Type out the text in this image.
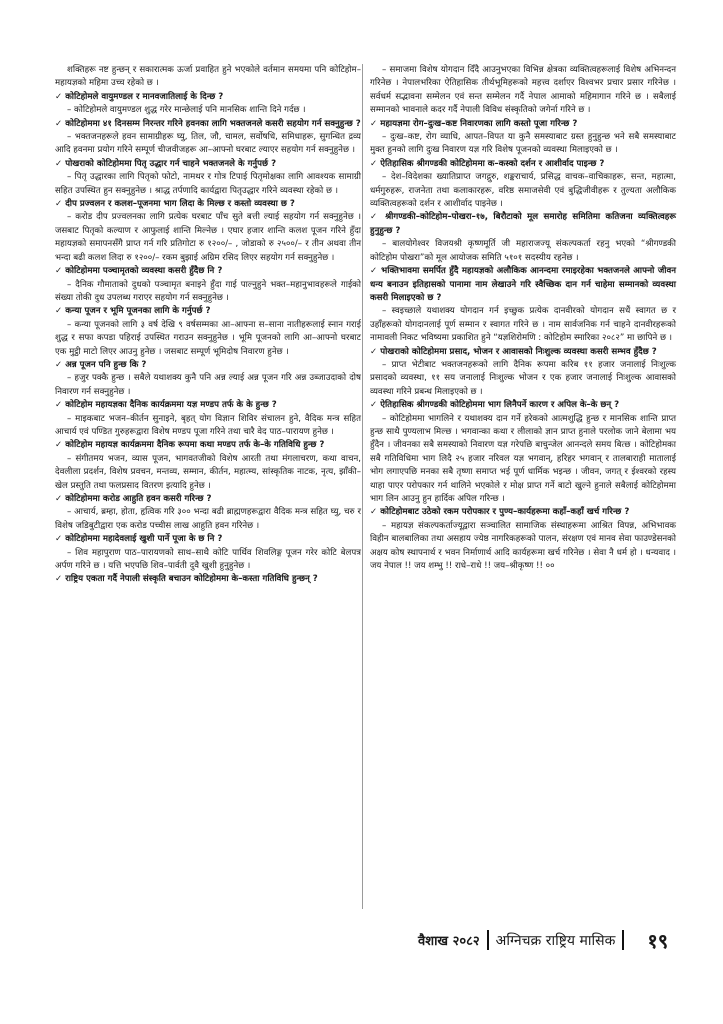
शक्तिहरू नष्ट हुन्छन् र सकारात्मक ऊर्जा प्रवाहित हुने भएकोले वर्तमान समयमा पनि कोटिहोम–महायज्ञको महिमा उच्च रहेको छ ।

✓ कोटिहोमले वायुमण्डल र मानवजातिलाई के दिन्छ ?

– कोटिहोमले वायुमण्डल शुद्ध गरेर मान्छेलाई पनि मानसिक शान्ति दिने गर्दछ ।

✓ कोटिहोममा ४१ दिनसम्म निरन्तर गरिने हवनका लागि भक्तजनले कसरी सहयोग गर्न सक्नुहुन्छ ?

– भक्तजनहरूले हवन सामाग्रीहरू घ्यु, तिल, जौ, चामल, सर्वोषधि, समिधाहरू, सुगन्धित द्रव्य आदि हवनमा प्रयोग गरिने सम्पूर्ण चीजवीजहरू आ–आफ्नो घरबाट ल्याएर सहयोग गर्न सक्नुहुनेछ ।

✓ पोखराको कोटिहोममा पितृ उद्धार गर्न चाहने भक्तजनले के गर्नुपर्छ ?

– पितृ उद्धारका लागि पितृको फोटो, नामथर र गोत्र टिपाई पितृमोक्षका लागि आवश्यक सामाग्री सहित उपस्थित हुन सक्नुहुनेछ । श्राद्ध तर्पणादि कार्यद्वारा पितृउद्धार गरिने व्यवस्था रहेको छ ।

✓ दीप प्रज्वलन र कलश–पूजनमा भाग लिदा के मिल्छ र कस्तो व्यवस्था छ ?

– करोड दीप प्रज्वलनका लागि प्रत्येक घरबाट पाँच सुते बत्ती ल्याई सहयोग गर्न सक्नुहुनेछ । जसबाट पितृको कल्याण र आफुलाई शान्ति मिल्नेछ । एघार हजार शान्ति कलश पूजन गरिने हुँदा महायज्ञको समापनसँगै प्राप्त गर्न गरि प्रतिगोटा रु १२००/– , जोडाको रु २५००/– र तीन अथवा तीन भन्दा बढी कलश लिदा रु १२००/– रकम बुझाई अग्रिम रसिद लिएर सहयोग गर्न सक्नुहुनेछ ।

✓ कोटिहोममा पञ्चामृतको व्यवस्था कसरी हुँदैछ नि ?

– दैनिक गौमाताको दुधको पञ्चामृत बनाइने हुँदा गाई पाल्नुहुने भक्त–महानुभावहरूले गाईको संख्या तोकी दुध उपलब्ध गराएर सहयोग गर्न सक्नुहुनेछ ।

✓ कन्या पूजन र भूमि पूजनका लागि के गर्नुपर्छ ?

– कन्या पूजनको लागि ३ वर्ष देखि ९ वर्षसम्मका आ–आफ्ना स–साना नातीहरूलाई स्नान गराई शुद्ध र सफा कपडा पहिराई उपस्थित गराउन सक्नुहुनेछ । भूमि पूजनको लागि आ–आफ्नो घरबाट एक मुट्ठी माटो लिएर आउनु हुनेछ । जसबाट सम्पूर्ण भूमिदोष निवारण हुनेछ ।

✓ अन्न पूजन पनि हुन्छ कि ?

– हजुर पक्कै हुन्छ । सबैले यथाशक्य कुनै पनि अन्न ल्याई अन्न पूजन गरि अन्न उब्जाउदाको दोष निवारण गर्न सक्नुहुनेछ ।

✓ कोटिहोम महायज्ञका दैनिक कार्यक्रममा यज्ञ मण्डप तर्फ के के हुन्छ ?

– माइकबाट भजन–कीर्तन सुनाइने, बृहत् योग विज्ञान शिविर संचालन हुने, वैदिक मन्त्र सहित आचार्य एवं पण्डित गुरुहरूद्वारा विशेष मण्डप पूजा गरिने तथा चारै वेद पाठ–पारायण हुनेछ ।

✓ कोटिहोम महायज्ञ कार्यक्रममा दैनिक रूपमा कथा मण्डप तर्फ के–के गतिविधि हुन्छ ?

– संगीतमय भजन, व्यास पूजन, भागवतजीको विशेष आरती तथा मंगलाचरण, कथा वाचन, देवलीला प्रदर्शन, विशेष प्रवचन, मन्तव्य, सम्मान, कीर्तन, महात्म्य, सांस्कृतिक नाटक, नृत्य, झाँकी–खेल प्रस्तुति तथा फलप्रसाद वितरण इत्यादि हुनेछ ।

✓ कोटिहोममा करोड आहुति हवन कसरी गरिन्छ ?

– आचार्य, ब्रम्हा, होता, हृत्विक गरि ३०० भन्दा बढी ब्राह्मणहरूद्वारा वैदिक मन्त्र सहित घ्यु, चरु र विशेष जडिबुटीद्वारा एक करोड पच्चीस लाख आहुति हवन गरिनेछ ।

✓ कोटिहोममा महादेवलाई खुशी पार्ने पूजा के छ नि ?

– शिव महापुराण पाठ–पारायणको साथ–साथै कोटि पार्थिव शिवलिङ्ग पूजन गरेर कोटि बेलपत्र अर्पण गरिने छ । यत्ति भएपछि शिव–पार्वती दुवै खुशी हुनुहुनेछ ।

✓ राष्ट्रिय एकता गर्दै नेपाली संस्कृति बचाउन कोटिहोममा के–कस्ता गतिविधि हुन्छन् ?

– समाजमा विशेष योगदान दिँदै आउनुभएका विभिन्न क्षेत्रका व्यक्तित्वहरूलाई विशेष अभिनन्दन गरिनेछ । नेपालभरिका ऐतिहासिक तीर्थभूमिहरूको महत्त्व दर्शाएर विश्वभर प्रचार प्रसार गरिनेछ । सर्वधर्म सद्भावना सम्मेलन एवं सन्त सम्मेलन गर्दै नेपाल आमाको महिमागान गरिने छ । सबैलाई सम्मानको भावनाले कदर गर्दै नेपाली विविध संस्कृतिको जगेर्ना गरिने छ ।

✓ महायज्ञमा रोग–दुःख–कष्ट निवारणका लागि कस्तो पूजा गरिन्छ ?

– दुःख–कष्ट, रोग व्याधि, आपत–विपत या कुनै समस्याबाट ग्रस्त हुनुहुन्छ भने सबै समस्याबाट मुक्त हुनको लागि दुःख निवारण यज्ञ गरि विशेष पूजनको व्यवस्था मिलाइएको छ ।

✓ ऐतिहासिक श्रीगण्डकी कोटिहोममा क–कस्को दर्शन र आशीर्वाद पाइन्छ ?

– देश–विदेशका ख्यातिप्राप्त जगद्गुरु, शङ्कराचार्य, प्रसिद्ध वाचक–वाचिकाहरू, सन्त, महात्मा, धर्मगुरुहरू, राजनेता तथा कलाकारहरू, वरिष्ठ समाजसेवी एवं बुद्धिजीवीहरू र तुल्यता अलौकिक व्यक्तित्वहरूको दर्शन र आशीर्वाद पाइनेछ ।

✓ श्रीगण्डकी–कोटिहोम–पोखरा–१७, बिरौटाको मूल समारोह समितिमा कतिजना व्यक्तित्वहरू हुनुहुन्छ ?

– बालयोगेश्वर विजयश्री कृष्णमूर्ति जी महाराजज्यू संकल्पकर्ता रहनु भएको “श्रीगण्डकी कोटिहोम पोखरा”को मूल आयोजक समिति ५१०१ सदस्यीय रहनेछ ।

✓ भक्तिभावमा समर्पित हुँदै महायज्ञको अलौकिक आनन्दमा रमाइरहेका भक्तजनले आफ्नो जीवन धन्य बनाउन इतिहासको पानामा नाम लेखाउने गरि स्वैच्छिक दान गर्न चाहेमा सम्मानको व्यवस्था कसरी मिलाइएको छ ?

– स्वइच्छाले यथाशक्य योगदान गर्न इच्छुक प्रत्येक दानवीरको योगदान सधैं स्वागत छ र उहाँहरूको योगदानलाई पूर्ण सम्मान र स्वागत गरिने छ । नाम सार्वजनिक गर्न चाहने दानवीरहरूको नामावली निकट भविष्यमा प्रकाशित हुने “यज्ञशिरोमणि : कोटिहोम स्मारिका २०८२” मा छापिने छ ।

✓ पोखराको कोटिहोममा प्रसाद, भोजन र आवासको निःशुल्क व्यवस्था कसरी सम्भव हुँदैछ ?

– प्राप्त भेटीबाट भक्तजनहरूको लागि दैनिक रूपमा करिब ११ हजार जनालाई निःशुल्क प्रसादको व्यवस्था, ११ सय जनालाई निःशुल्क भोजन र एक हजार जनालाई निःशुल्क आवासको व्यवस्था गरिने प्रबन्ध मिलाइएको छ ।

✓ ऐतिहासिक श्रीगण्डकी कोटिहोममा भाग लिनैपर्ने कारण र अपिल के–के छन् ?

– कोटिहोममा भागलिने र यथाशक्य दान गर्ने हरेकको आत्मशुद्धि हुन्छ र मानसिक शान्ति प्राप्त हुन्छ साथै पुण्यलाभ मिल्छ । भगवान्का कथा र लीलाको ज्ञान प्राप्त हुनाले परलोक जाने बेलामा भय हुँदैन । जीवनका सबै समस्याको निवारण यज्ञ गरेपछि बाचुन्जेल आनन्दले समय बित्छ । कोटिहोमका सबै गतिविधिमा भाग लिदै २५ हजार नरिवल यज्ञ भगवान्, हरिहर भगवान् र तालबाराही मातालाई भोग लगाएपछि मनका सबै तृष्णा समाप्त भई पूर्ण धार्मिक भइन्छ । जीवन, जगत् र ईश्वरको रहस्य थाहा पाएर परोपकार गर्न थालिने भएकोले र मोक्ष प्राप्त गर्ने बाटो खुल्ने हुनाले सबैलाई कोटिहोममा भाग लिन आउनु हुन हार्दिक अपिल गरिन्छ ।

✓ कोटिहोमबाट उठेको रकम परोपकार र पुण्य–कार्यहरूमा कहाँ–कहाँ खर्च गरिन्छ ?

– महायज्ञ संकल्पकर्ताज्यूद्वारा सञ्चालित सामाजिक संस्थाहरूमा आश्रित विपन्न, अभिभावक विहीन बालबालिका तथा असहाय ज्येष्ठ नागरिकहरूको पालन, संरक्षण एवं मानव सेवा फाउण्डेसनको अक्षय कोष स्थापनार्थ र भवन निर्माणार्थ आदि कार्यहरूमा खर्च गरिनेछ । सेवा नै धर्म हो । धन्यवाद । जय नेपाल !! जय शम्भु !! राधे–राधे !! जय–श्रीकृष्ण !! ००

वैशाख २०८२ अग्निचक्र राष्ट्रिय मासिक १९
